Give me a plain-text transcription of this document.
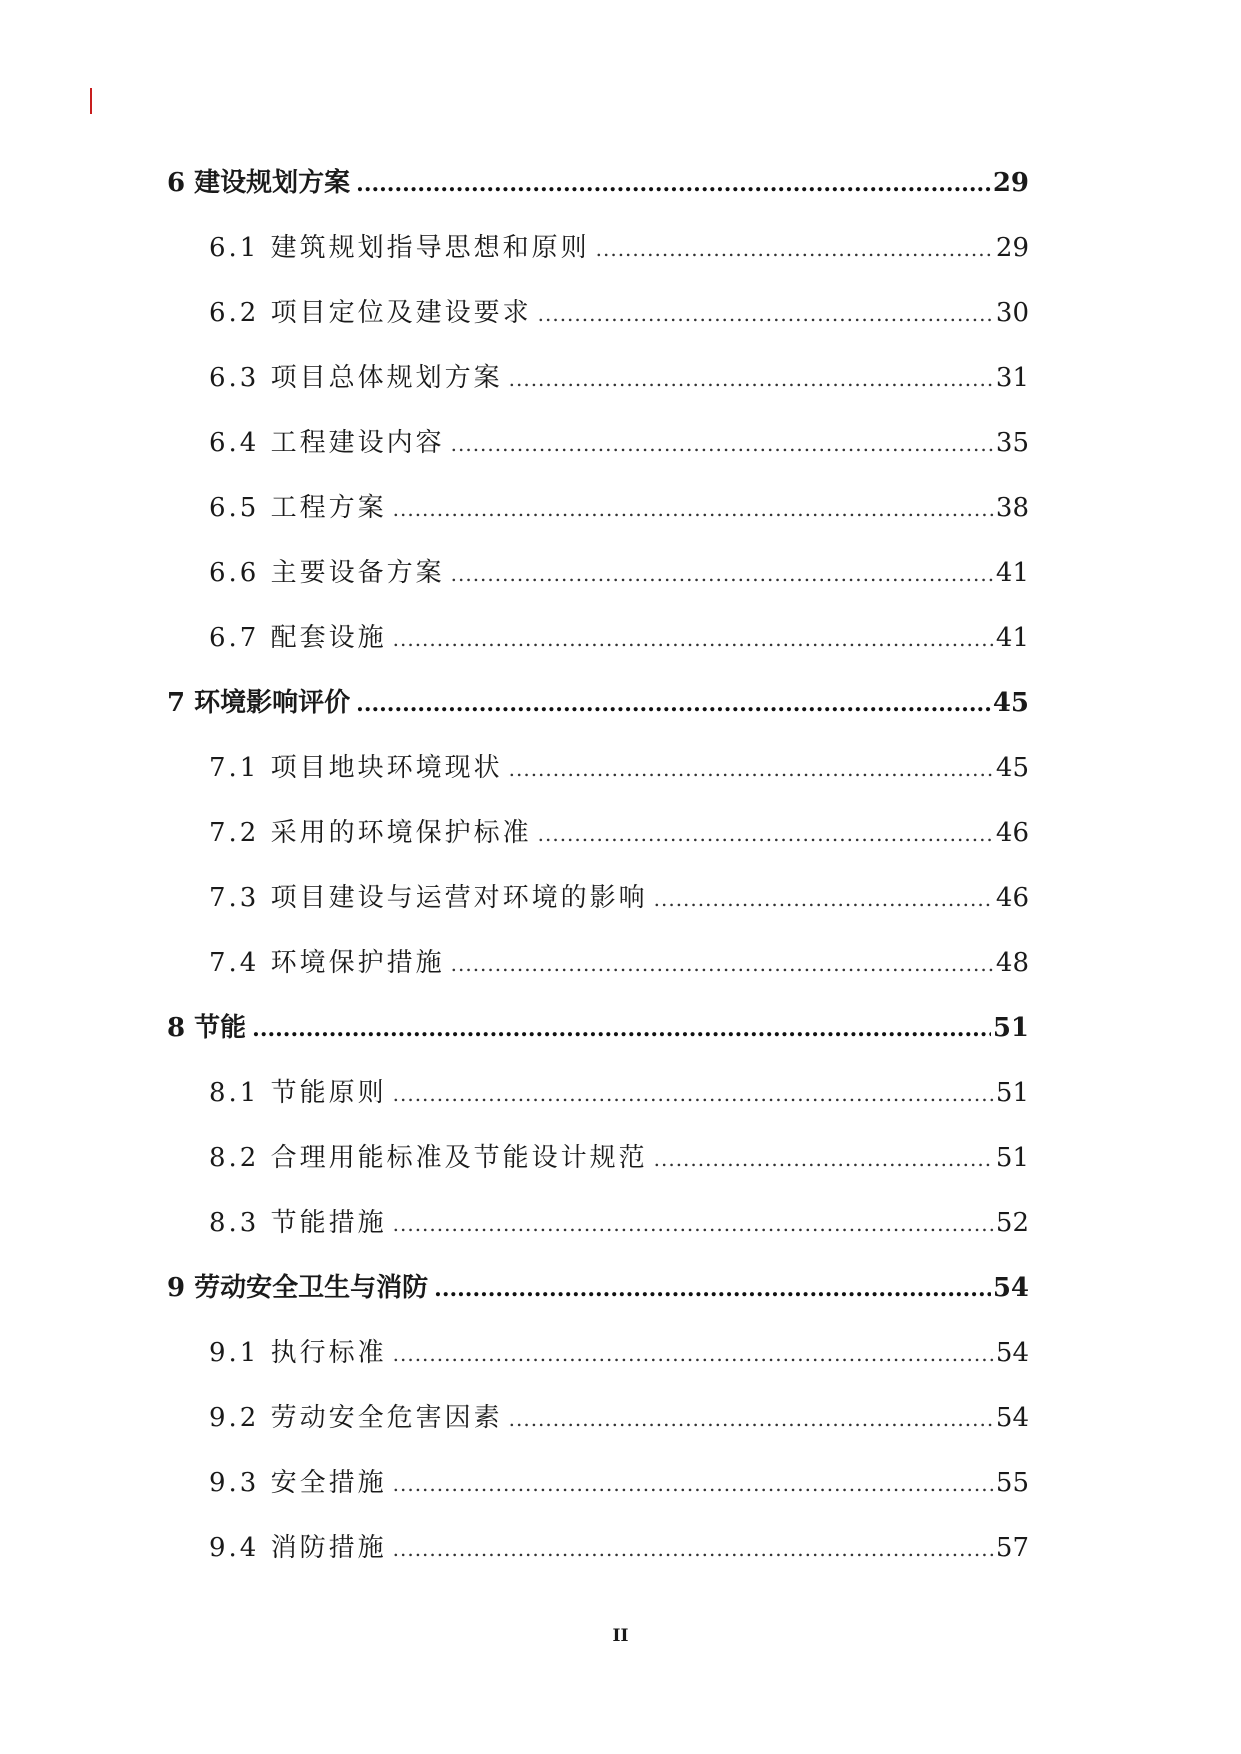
6 建设规划方案 .....	29
6.1 建筑规划指导思想和原则 .....	29
6.2 项目定位及建设要求 .....	30
6.3 项目总体规划方案 .....	31
6.4 工程建设内容 .....	35
6.5 工程方案 .....	38
6.6 主要设备方案 .....	41
6.7 配套设施 .....	41
7 环境影响评价 .....	45
7.1 项目地块环境现状 .....	45
7.2 采用的环境保护标准 .....	46
7.3 项目建设与运营对环境的影响 .....	46
7.4 环境保护措施 .....	48
8 节能 .....	51
8.1 节能原则 .....	51
8.2 合理用能标准及节能设计规范 .....	51
8.3 节能措施 .....	52
9 劳动安全卫生与消防 .....	54
9.1 执行标准 .....	54
9.2 劳动安全危害因素 .....	54
9.3 安全措施 .....	55
9.4 消防措施 .....	57
II
